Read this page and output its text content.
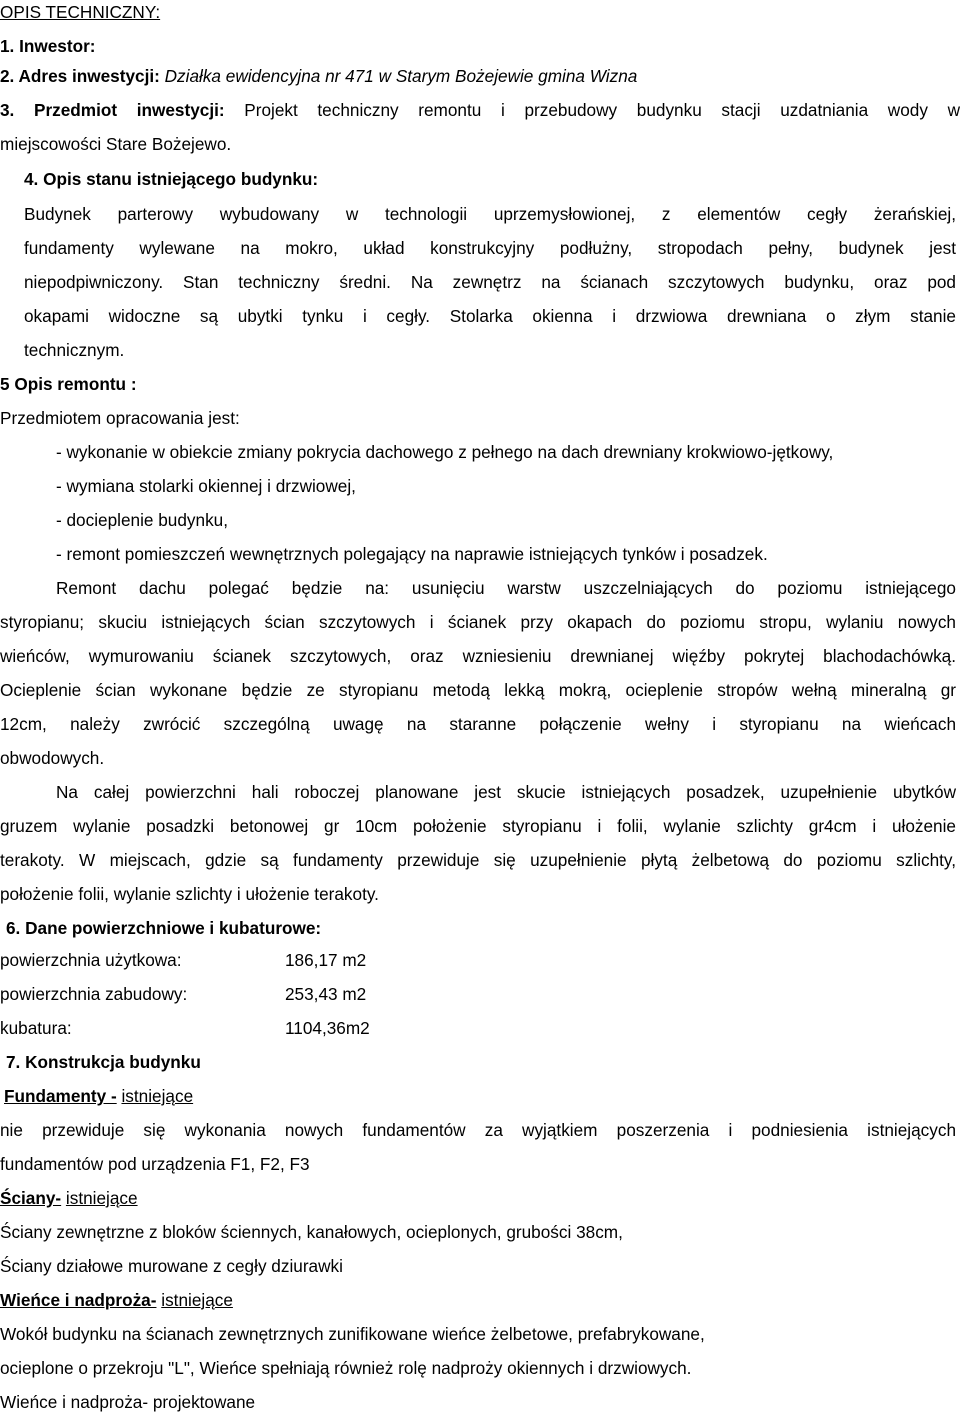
OPIS TECHNICZNY:
1. Inwestor:
2. Adres inwestycji: Działka ewidencyjna nr 471 w Starym Bożejewie gmina Wizna
3. Przedmiot inwestycji: Projekt techniczny remontu i przebudowy budynku stacji uzdatniania wody w
miejscowości Stare Bożejewo.
4. Opis stanu istniejącego budynku:
Budynek parterowy wybudowany w technologii uprzemysłowionej, z elementów cegły żerańskiej,
fundamenty wylewane na mokro, układ konstrukcyjny podłużny, stropodach pełny, budynek jest
niepodpiwniczony. Stan techniczny średni. Na zewnętrz na ścianach szczytowych budynku, oraz pod
okapami widoczne są ubytki tynku i cegły. Stolarka okienna i drzwiowa drewniana o złym stanie
technicznym.
5 Opis remontu :
Przedmiotem opracowania jest:
- wykonanie w obiekcie zmiany pokrycia dachowego z pełnego na dach drewniany krokwiowo-jętkowy,
- wymiana stolarki okiennej i drzwiowej,
- docieplenie budynku,
- remont pomieszczeń wewnętrznych polegający na naprawie istniejących tynków i posadzek.
Remont dachu polegać będzie na: usunięciu warstw uszczelniających do poziomu istniejącego
styropianu; skuciu istniejących ścian szczytowych i ścianek przy okapach do poziomu stropu, wylaniu nowych
wieńców, wymurowaniu ścianek szczytowych, oraz wzniesieniu drewnianej więźby pokrytej blachodachówką.
Ocieplenie ścian wykonane będzie ze styropianu metodą lekką mokrą, ocieplenie stropów wełną mineralną gr
12cm, należy zwrócić szczególną uwagę na staranne połączenie wełny i styropianu na wieńcach
obwodowych.
Na całej powierzchni hali roboczej planowane jest skucie istniejących posadzek, uzupełnienie ubytków
gruzem wylanie posadzki betonowej gr 10cm położenie styropianu i folii, wylanie szlichty gr4cm i ułożenie
terakoty. W miejscach, gdzie są fundamenty przewiduje się uzupełnienie płytą żelbetową do poziomu szlichty,
położenie folii, wylanie szlichty i ułożenie terakoty.
6. Dane powierzchniowe i kubaturowe:
powierzchnia użytkowa:	186,17 m2
powierzchnia zabudowy:	253,43 m2
kubatura:	1104,36m2
7. Konstrukcja budynku
Fundamenty - istniejące
nie przewiduje się wykonania nowych fundamentów za wyjątkiem poszerzenia i podniesienia istniejących
fundamentów pod urządzenia F1, F2, F3
Ściany- istniejące
Ściany zewnętrzne z bloków ściennych, kanałowych, ocieplonych, grubości 38cm,
Ściany działowe murowane z cegły dziurawki
Wieńce i nadproża- istniejące
Wokół budynku na ścianach zewnętrznych zunifikowane wieńce żelbetowe, prefabrykowane,
ocieplone o przekroju "L", Wieńce spełniają również rolę nadproży okiennych i drzwiowych.
Wieńce i nadproża- projektowane
